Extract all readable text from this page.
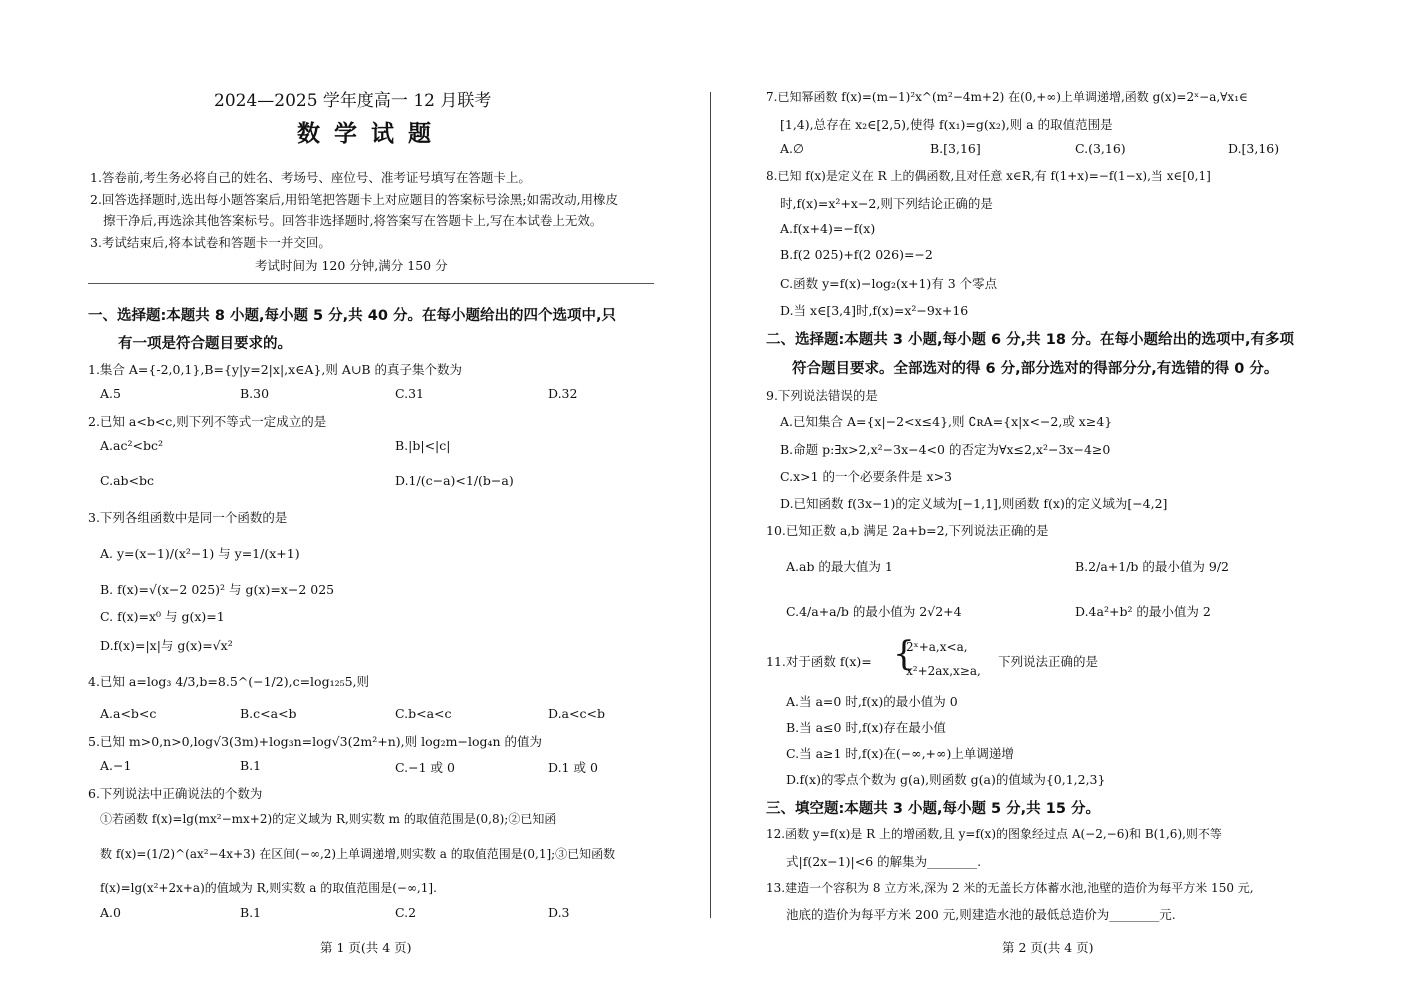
2024—2025 学年度高一 12 月联考
数学试题
1.答卷前,考生务必将自己的姓名、考场号、座位号、准考证号填写在答题卡上。
2.回答选择题时,选出每小题答案后,用铅笔把答题卡上对应题目的答案标号涂黑;如需改动,用橡皮
擦干净后,再选涂其他答案标号。回答非选择题时,将答案写在答题卡上,写在本试卷上无效。
3.考试结束后,将本试卷和答题卡一并交回。
考试时间为 120 分钟,满分 150 分
一、选择题:本题共 8 小题,每小题 5 分,共 40 分。在每小题给出的四个选项中,只
有一项是符合题目要求的。
1.集合 A={-2,0,1},B={y|y=2|x|,x∈A},则 A∪B 的真子集个数为
A.5	B.30	C.31	D.32
2.已知 a<b<c,则下列不等式一定成立的是
A.ac²<bc²	B.|b|<|c|
C.ab<bc	D.1/(c−a)<1/(b−a)
3.下列各组函数中是同一个函数的是
A. y=(x−1)/(x²−1) 与 y=1/(x+1)
B. f(x)=√(x−2 025)² 与 g(x)=x−2 025
C. f(x)=x⁰ 与 g(x)=1
D.f(x)=|x|与 g(x)=√x²
4.已知 a=log₃ 4/3,b=8.5^(−1/2),c=log₁₂₅5,则
A.a<b<c	B.c<a<b	C.b<a<c	D.a<c<b
5.已知 m>0,n>0,log√3(3m)+log₃n=log√3(2m²+n),则 log₂m−log₄n 的值为
A.−1	B.1	C.−1 或 0	D.1 或 0
6.下列说法中正确说法的个数为
①若函数 f(x)=lg(mx²−mx+2)的定义域为 R,则实数 m 的取值范围是(0,8);②已知函
数 f(x)=(1/2)^(ax²−4x+3) 在区间(−∞,2)上单调递增,则实数 a 的取值范围是(0,1];③已知函数
f(x)=lg(x²+2x+a)的值域为 R,则实数 a 的取值范围是(−∞,1].
A.0	B.1	C.2	D.3
第 1 页(共 4 页)
7.已知幂函数 f(x)=(m−1)²x^(m²−4m+2) 在(0,+∞)上单调递增,函数 g(x)=2ˣ−a,∀x₁∈
[1,4),总存在 x₂∈[2,5),使得 f(x₁)=g(x₂),则 a 的取值范围是
A.∅	B.[3,16]	C.(3,16)	D.[3,16)
8.已知 f(x)是定义在 R 上的偶函数,且对任意 x∈R,有 f(1+x)=−f(1−x),当 x∈[0,1]
时,f(x)=x²+x−2,则下列结论正确的是
A.f(x+4)=−f(x)
B.f(2 025)+f(2 026)=−2
C.函数 y=f(x)−log₂(x+1)有 3 个零点
D.当 x∈[3,4]时,f(x)=x²−9x+16
二、选择题:本题共 3 小题,每小题 6 分,共 18 分。在每小题给出的选项中,有多项
符合题目要求。全部选对的得 6 分,部分选对的得部分分,有选错的得 0 分。
9.下列说法错误的是
A.已知集合 A={x|−2<x≤4},则 ∁ʀA={x|x<−2,或 x≥4}
B.命题 p:∃x>2,x²−3x−4<0 的否定为∀x≤2,x²−3x−4≥0
C.x>1 的一个必要条件是 x>3
D.已知函数 f(3x−1)的定义域为[−1,1],则函数 f(x)的定义域为[−4,2]
10.已知正数 a,b 满足 2a+b=2,下列说法正确的是
A.ab 的最大值为 1	B.2/a+1/b 的最小值为 9/2
C.4/a+a/b 的最小值为 2√2+4	D.4a²+b² 的最小值为 2
11.对于函数 f(x)= {
2ˣ+a,x<a,
x²+2ax,x≥a,
下列说法正确的是
A.当 a=0 时,f(x)的最小值为 0
B.当 a≤0 时,f(x)存在最小值
C.当 a≥1 时,f(x)在(−∞,+∞)上单调递增
D.f(x)的零点个数为 g(a),则函数 g(a)的值域为{0,1,2,3}
三、填空题:本题共 3 小题,每小题 5 分,共 15 分。
12.函数 y=f(x)是 R 上的增函数,且 y=f(x)的图象经过点 A(−2,−6)和 B(1,6),则不等
式|f(2x−1)|<6 的解集为________.
13.建造一个容积为 8 立方米,深为 2 米的无盖长方体蓄水池,池壁的造价为每平方米 150 元,
池底的造价为每平方米 200 元,则建造水池的最低总造价为________元.
第 2 页(共 4 页)
